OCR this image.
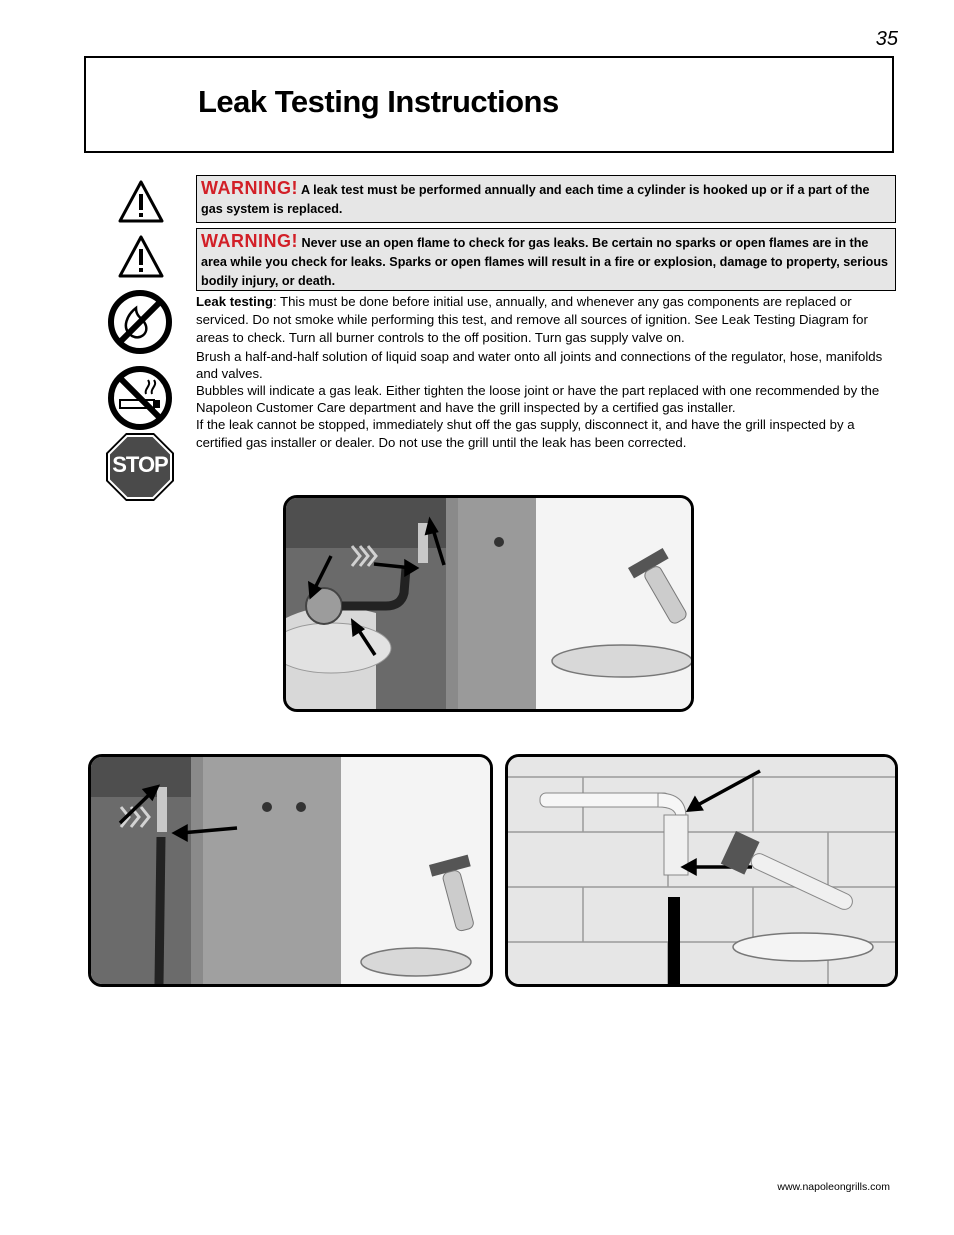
35
Leak Testing Instructions
STOP
WARNING! A leak test must be performed annually and each time a cylinder is hooked up or if a part of the gas system is replaced.
WARNING! Never use an open flame to check for gas leaks. Be certain no sparks or open flames are in the area while you check for leaks. Sparks or open flames will result in a fire or explosion, damage to property, serious bodily injury, or death.

Leak testing: This must be done before initial use, annually, and whenever any gas components are replaced or serviced. Do not smoke while performing this test, and remove all sources of ignition. See Leak Testing Diagram for areas to check. Turn all burner controls to the off position. Turn gas supply valve on.

Brush a half-and-half solution of liquid soap and water onto all joints and connections of the regulator, hose, manifolds and valves.

Bubbles will indicate a gas leak. Either tighten the loose joint or have the part replaced with one recommended by the Napoleon Customer Care department and have the grill inspected by a certified gas installer.

If the leak cannot be stopped, immediately shut off the gas supply, disconnect it, and have the grill inspected by a certified gas installer or dealer. Do not use the grill until the leak has been corrected.

www.napoleongrills.com
